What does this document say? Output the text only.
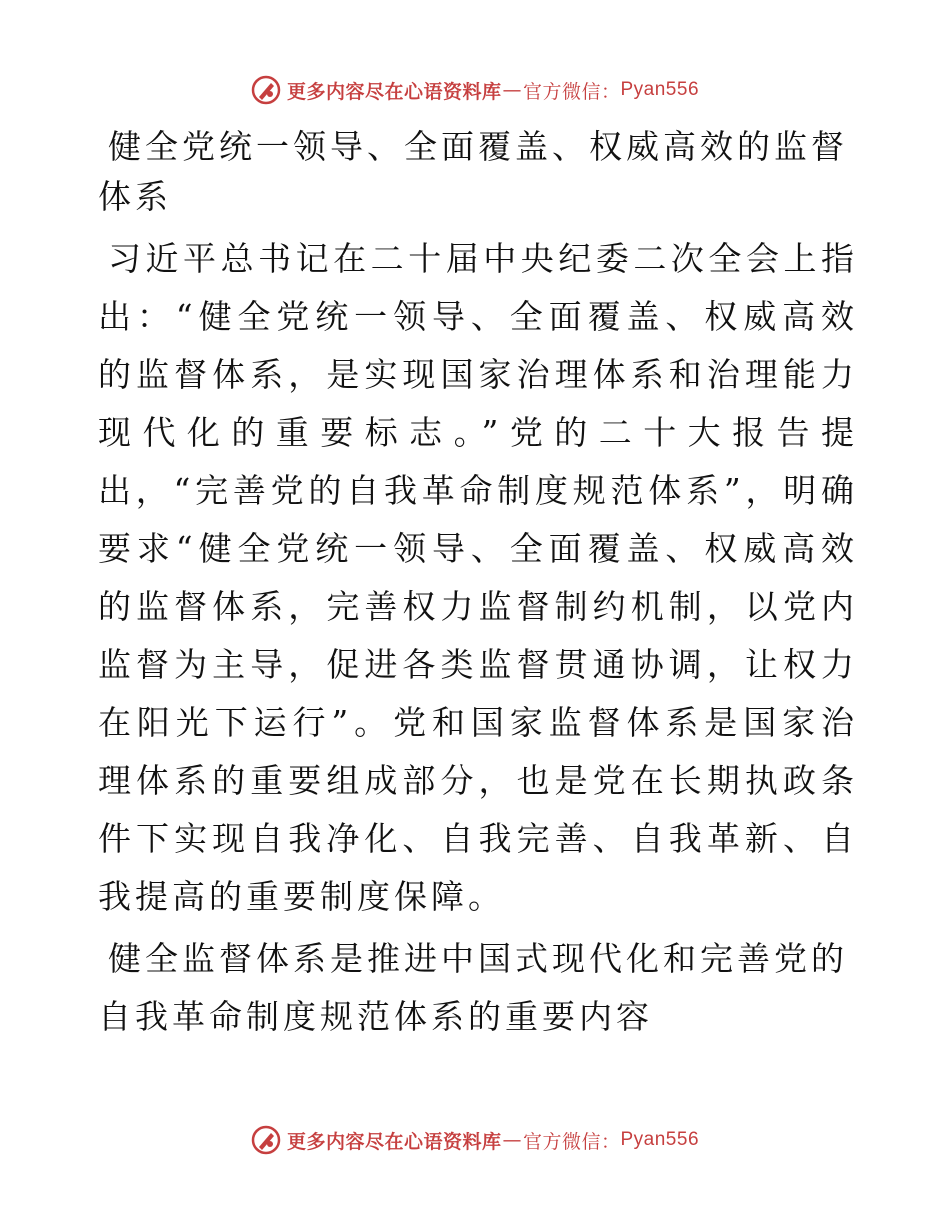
更多内容尽在心语资料库 — 官方微信： Pyan556
健全党统一领导、全面覆盖、权威高效的监督体系

习近平总书记在二十届中央纪委二次全会上指出：“健全党统一领导、全面覆盖、权威高效的监督体系，是实现国家治理体系和治理能力现代化的重要标志。”党的二十大报告提出，“完善党的自我革命制度规范体系”，明确要求“健全党统一领导、全面覆盖、权威高效的监督体系，完善权力监督制约机制，以党内监督为主导，促进各类监督贯通协调，让权力在阳光下运行”。党和国家监督体系是国家治理体系的重要组成部分，也是党在长期执政条件下实现自我净化、自我完善、自我革新、自我提高的重要制度保障。

健全监督体系是推进中国式现代化和完善党的自我革命制度规范体系的重要内容
更多内容尽在心语资料库 — 官方微信： Pyan556
